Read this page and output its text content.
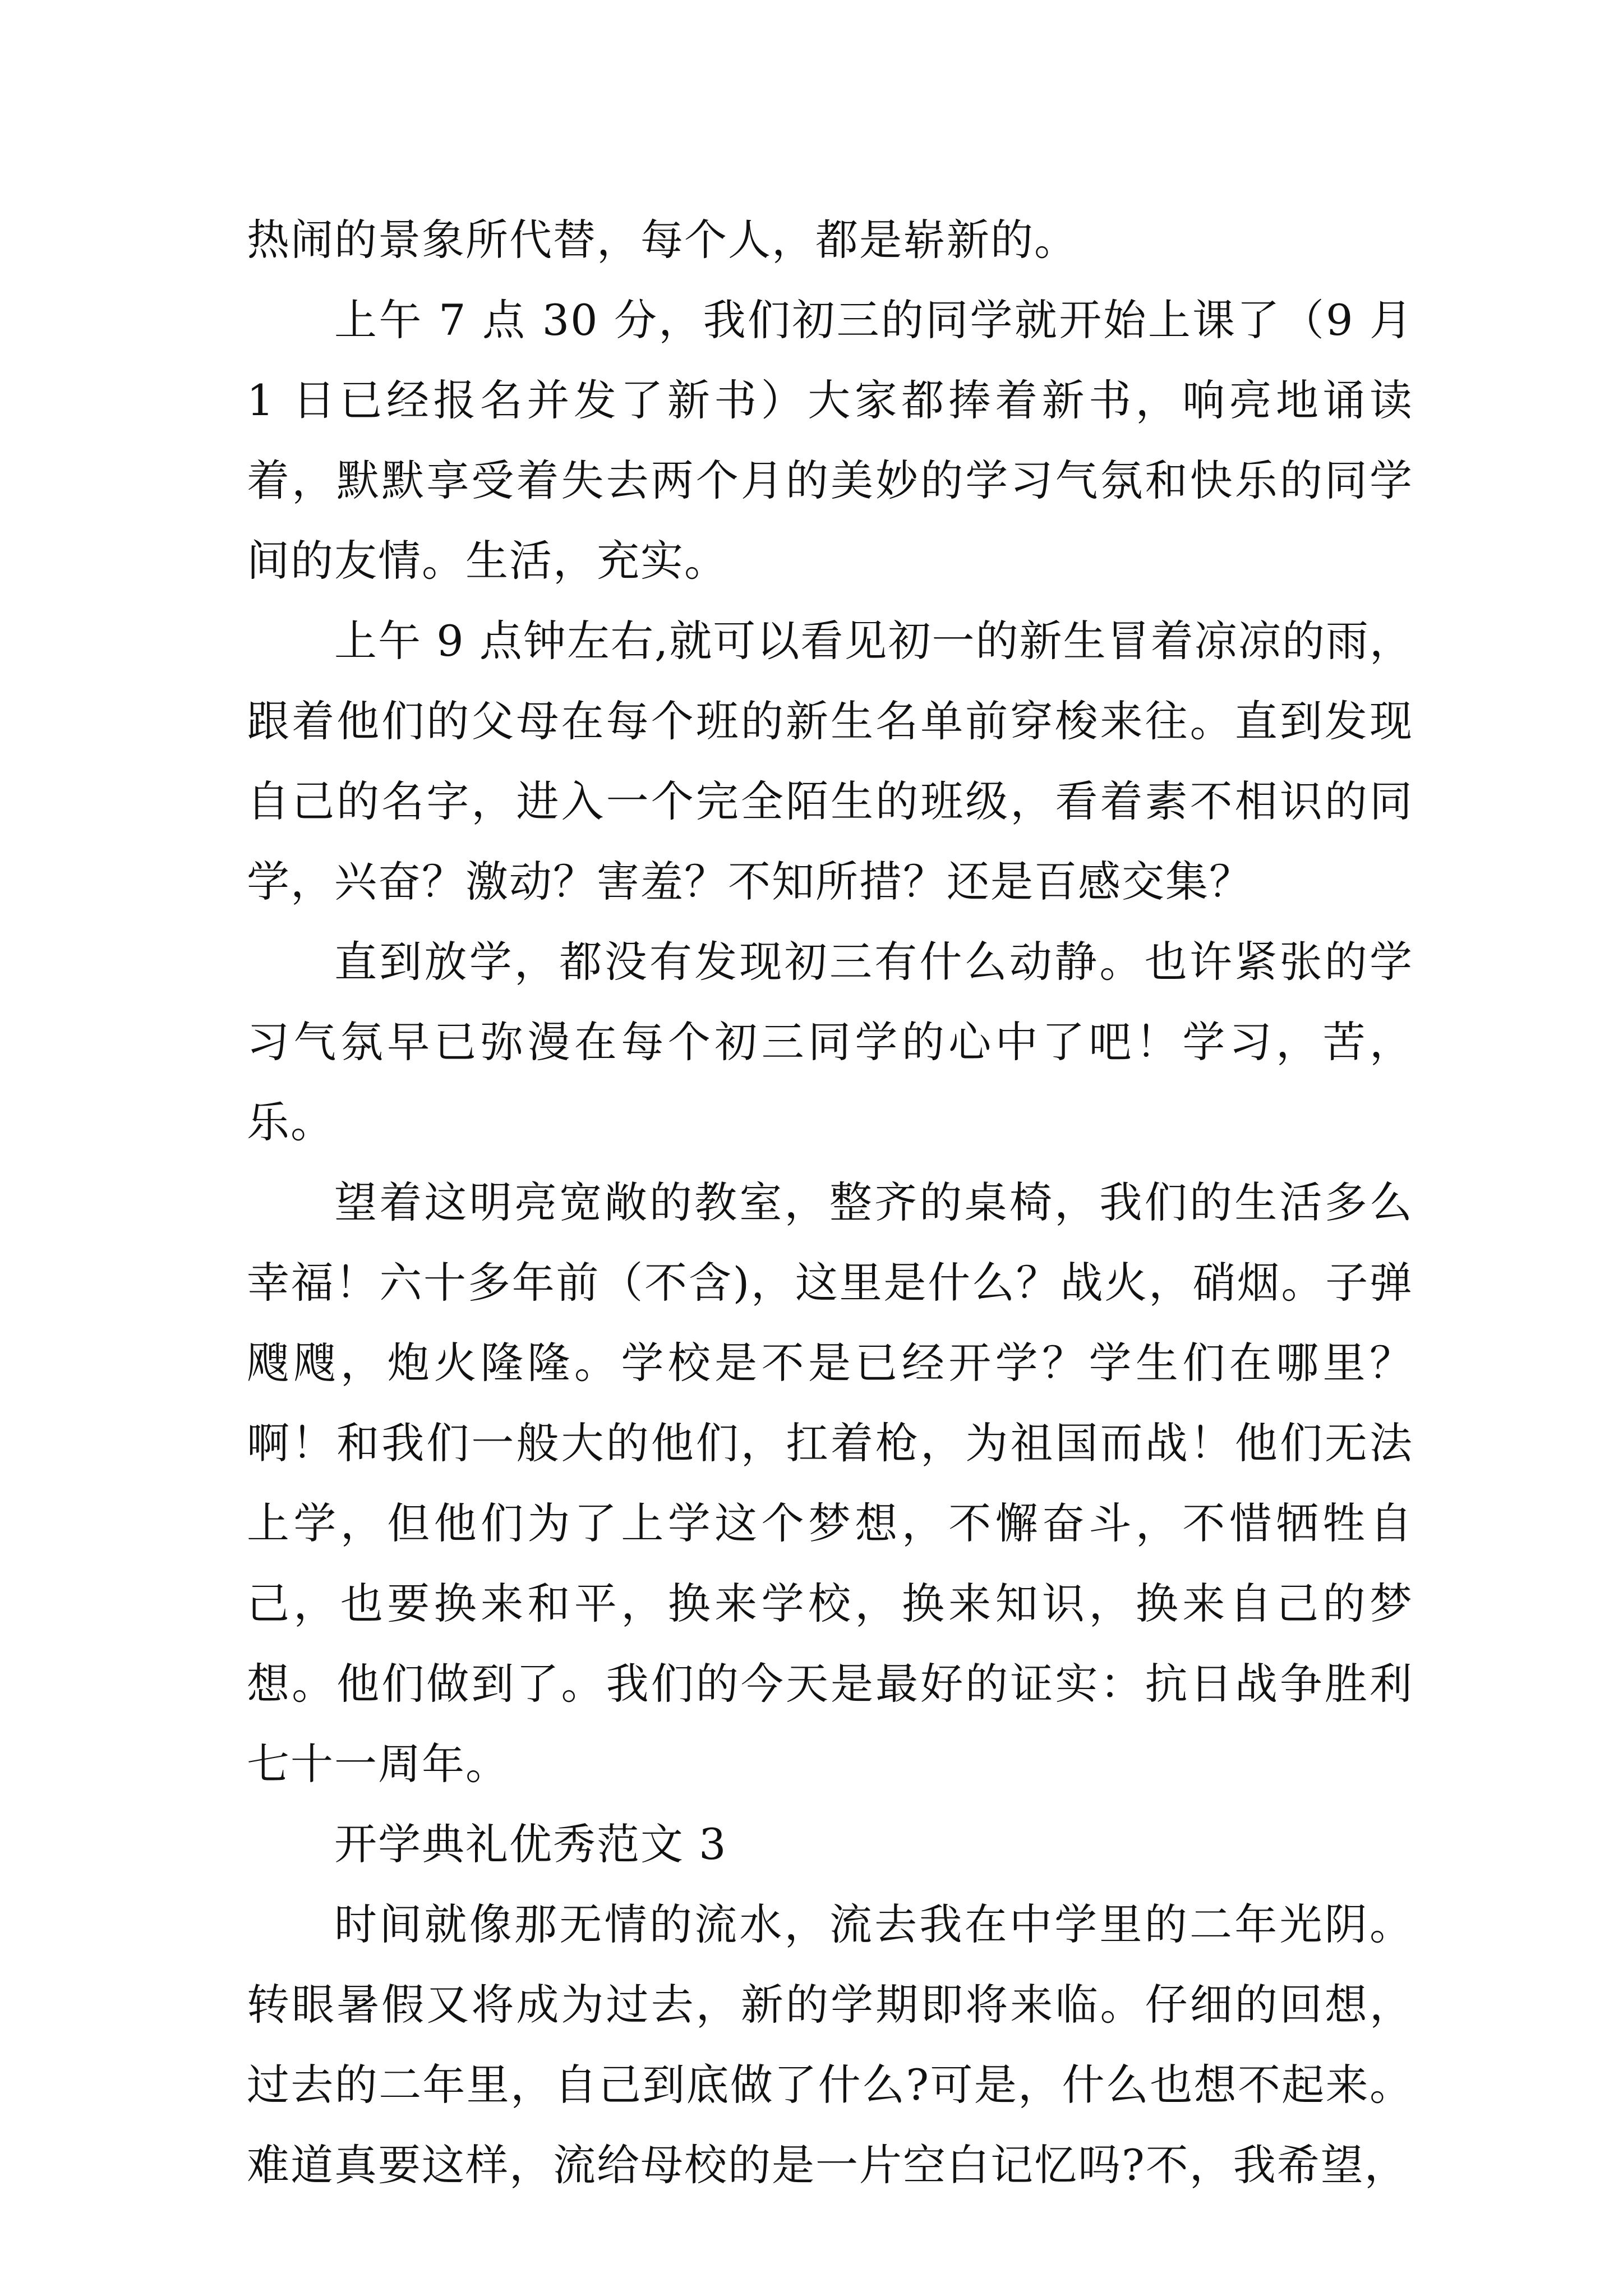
热闹的景象所代替，每个人，都是崭新的。

上午 7 点 30 分，我们初三的同学就开始上课了（9 月 1 日已经报名并发了新书）大家都捧着新书，响亮地诵读着，默默享受着失去两个月的美妙的学习气氛和快乐的同学间的友情。生活，充实。

上午 9 点钟左右,就可以看见初一的新生冒着凉凉的雨，跟着他们的父母在每个班的新生名单前穿梭来往。直到发现自己的名字，进入一个完全陌生的班级，看着素不相识的同学，兴奋？激动？害羞？不知所措？还是百感交集？

直到放学，都没有发现初三有什么动静。也许紧张的学习气氛早已弥漫在每个初三同学的心中了吧！学习，苦，乐。

望着这明亮宽敞的教室，整齐的桌椅，我们的生活多么幸福！六十多年前（不含)，这里是什么？战火，硝烟。子弹飕飕，炮火隆隆。学校是不是已经开学？学生们在哪里？啊！和我们一般大的他们，扛着枪，为祖国而战！他们无法上学，但他们为了上学这个梦想，不懈奋斗，不惜牺牲自己，也要换来和平，换来学校，换来知识，换来自己的梦想。他们做到了。我们的今天是最好的证实：抗日战争胜利七十一周年。

开学典礼优秀范文 3

时间就像那无情的流水，流去我在中学里的二年光阴。转眼暑假又将成为过去，新的学期即将来临。仔细的回想，过去的二年里，自己到底做了什么?可是，什么也想不起来。难道真要这样，流给母校的是一片空白记忆吗?不，我希望，
